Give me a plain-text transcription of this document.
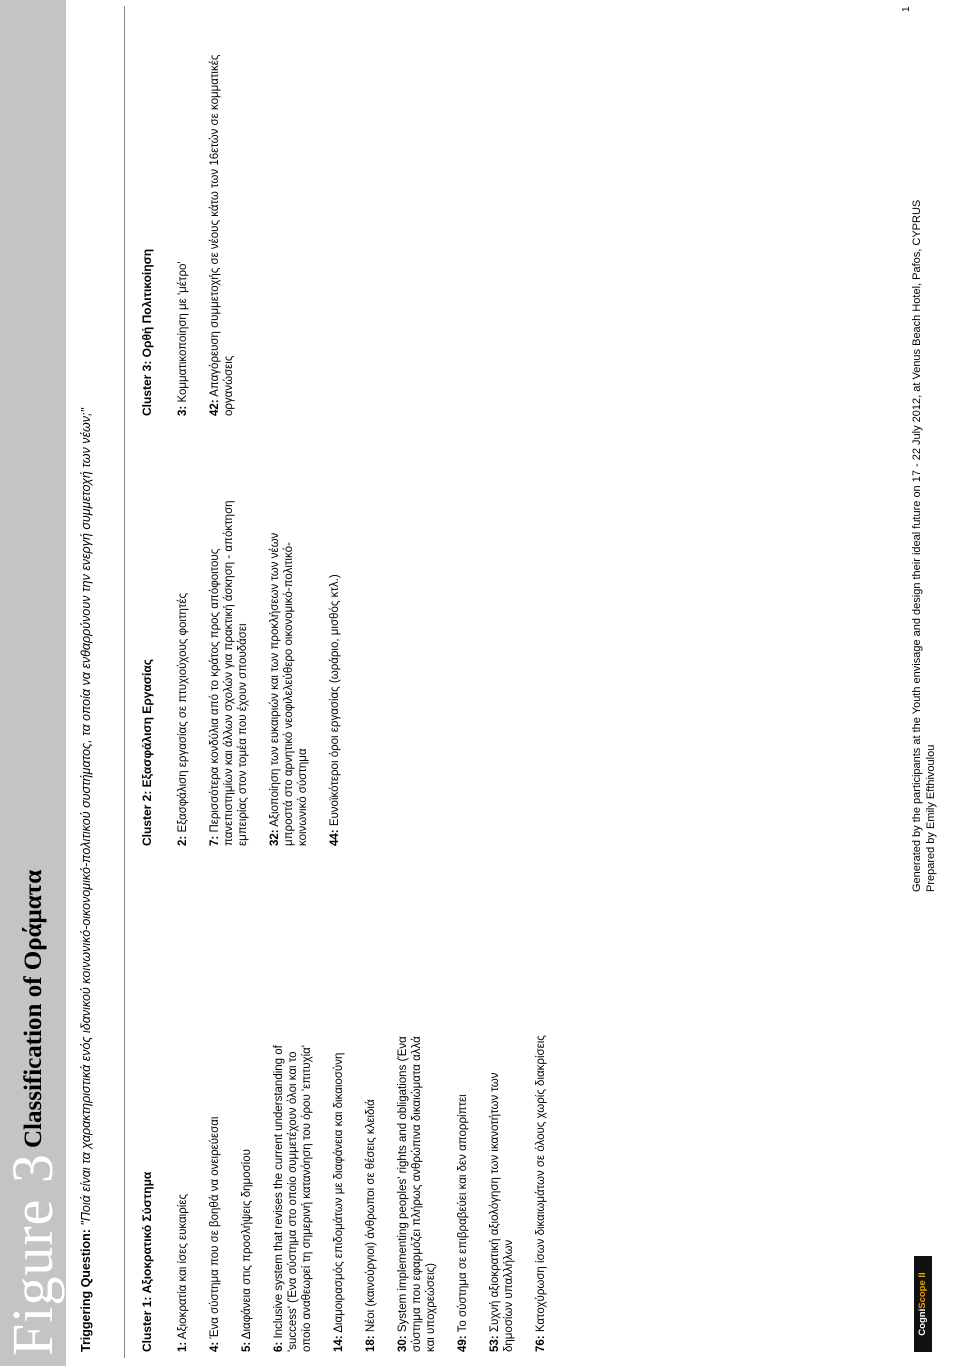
Figure 3
Classification of Οράματα
Triggering Question: "Ποιά είναι τα χαρακτηριστικά ενός ιδανικού κοινωνικό-οικονομικό-πολιτικού συστήματος, τα οποία να ενθαρρύνουν την ενεργή συμμετοχή των νέων;"
Cluster 1: Αξιοκρατικό Σύστημα 1: Αξιοκρατία και ίσες ευκαιρίες
4: Ένα σύστημα που σε βοηθά να ονειρεύεσαι
5: Διαφάνεια στις προσλήψεις δημοσίου
6: Inclusive system that revises the current understanding of 'success' (Ένα σύστημα στο οποίο συμμετέχουν όλοι και το οποίο αναθεωρεί τη σημερινή κατανόηση του όρου 'επιτυχία' 14: Διαμοιρασμός επιδομάτων με διαφάνεια και δικαιοσύνη
18: Νέοι (καινούργιοι) άνθρωποι σε θέσεις κλειδιά
30: System implementing peoples' rights and obligations (Ένα σύστημα που εφαρμόζει πλήρως ανθρώπινα δικαιώματα αλλά και υποχρεώσεις) 49: Το σύστημα σε επιβραβεύει και δεν απορρίπτει
53: Συχνή αξιοκρατική αξιολόγηση των ικανοτήτων των δημοσίων υπαλλήλων 76: Κατοχύρωση ίσων δικαιωμάτων σε όλους χωρίς διακρίσεις
Cluster 2: Εξασφάλιση Εργασίας 2: Εξασφάλιση εργασίας σε πτυχιούχους φοιτητές
7: Περισσότερα κονδύλια από το κράτος προς απόφοιτους πανεπιστημίων και άλλων σχολών για πρακτική άσκηση - απόκτηση εμπειρίας στον τομέα που έχουν σπουδάσει 32: Αξιοποίηση των ευκαιριών και των προκλήσεων των νέων μπροστά στο αρνητικό νεοφιλελεύθερο οικονομικό-πολιτικό-κοινωνικό σύστημα 44: Ευνοϊκότεροι όροι εργασίας (ωράριο, μισθός κτλ.)
Cluster 3: Ορθή Πολιτικοίηση 3: Κομματικοποίηση με 'μέτρο'
42: Απαγόρευση συμμετοχής σε νέους κάτω των 16ετών σε κομματικές οργανώσεις
CogniScope II
Generated by the participants at the Youth envisage and design their ideal future on 17 - 22 July 2012, at Venus Beach Hotel, Pafos, CYPRUS Prepared by Emily Efthivoulou
1
